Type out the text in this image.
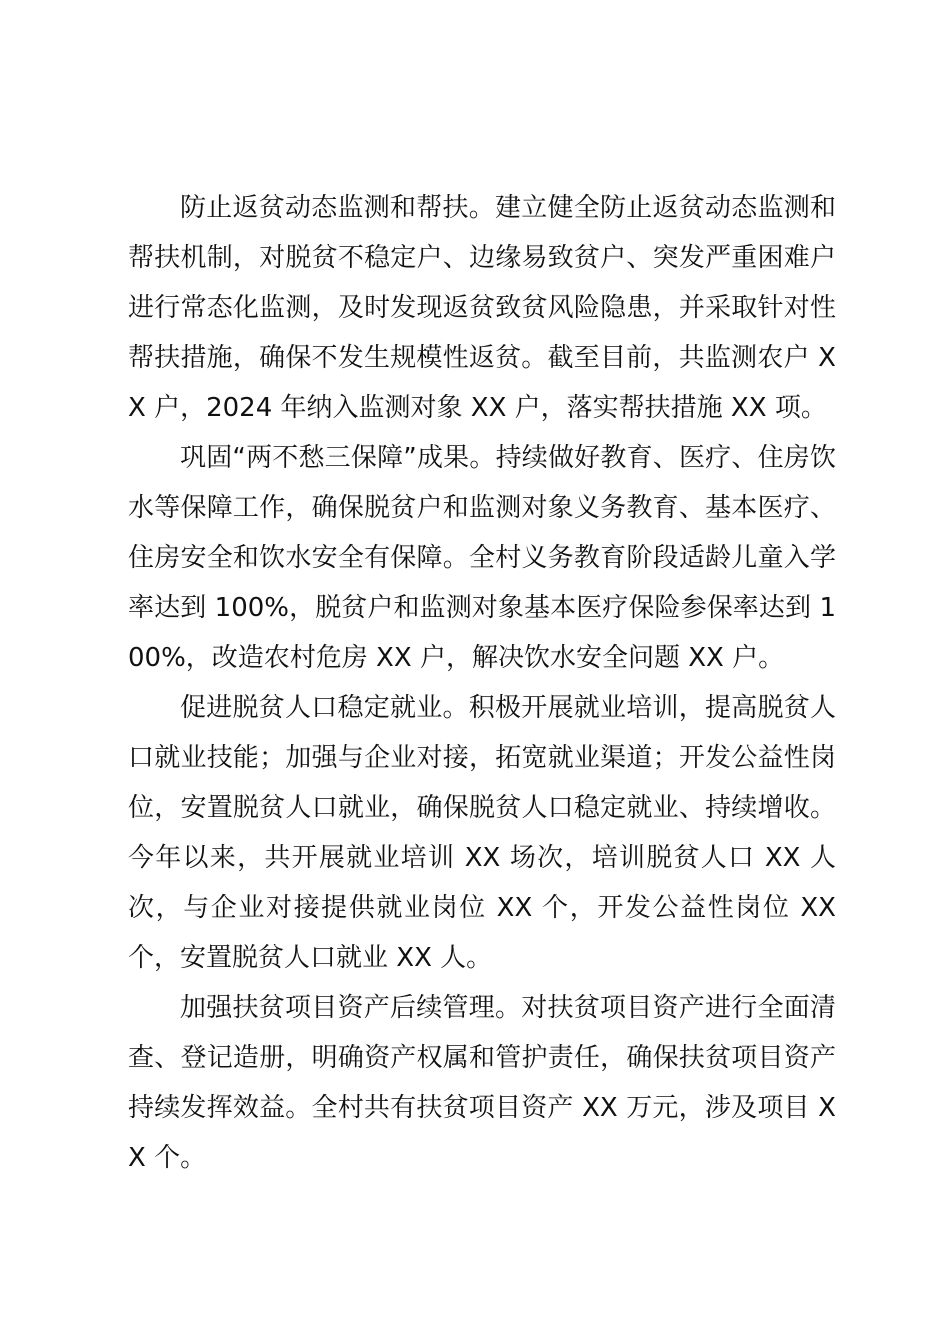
防止返贫动态监测和帮扶。建立健全防止返贫动态监测和帮扶机制，对脱贫不稳定户、边缘易致贫户、突发严重困难户进行常态化监测，及时发现返贫致贫风险隐患，并采取针对性帮扶措施，确保不发生规模性返贫。截至目前，共监测农户 XX 户，2024 年纳入监测对象 XX 户，落实帮扶措施 XX 项。

巩固“两不愁三保障”成果。持续做好教育、医疗、住房饮水等保障工作，确保脱贫户和监测对象义务教育、基本医疗、住房安全和饮水安全有保障。全村义务教育阶段适龄儿童入学率达到 100%，脱贫户和监测对象基本医疗保险参保率达到 100%，改造农村危房 XX 户，解决饮水安全问题 XX 户。

促进脱贫人口稳定就业。积极开展就业培训，提高脱贫人口就业技能；加强与企业对接，拓宽就业渠道；开发公益性岗位，安置脱贫人口就业，确保脱贫人口稳定就业、持续增收。今年以来，共开展就业培训 XX 场次，培训脱贫人口 XX 人次，与企业对接提供就业岗位 XX 个，开发公益性岗位 XX 个，安置脱贫人口就业 XX 人。

加强扶贫项目资产后续管理。对扶贫项目资产进行全面清查、登记造册，明确资产权属和管护责任，确保扶贫项目资产持续发挥效益。全村共有扶贫项目资产 XX 万元，涉及项目 XX 个。
